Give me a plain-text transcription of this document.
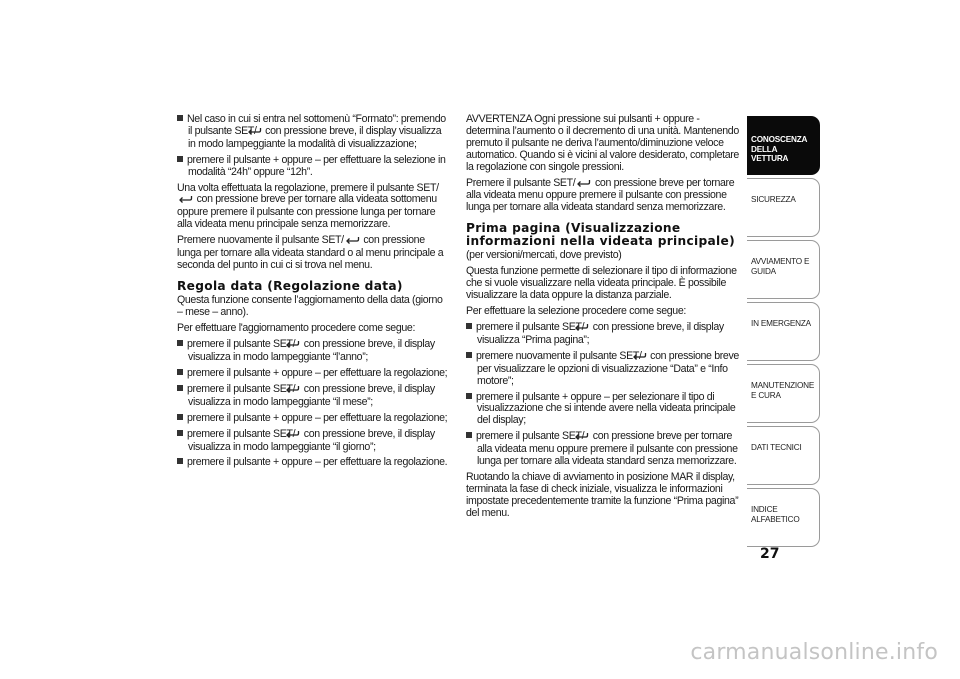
Nel caso in cui si entra nel sottomenù “Formato”: premendo il pulsante SET/ con pressione breve, il display visualizza in modo lampeggiante la modalità di visualizzazione;
premere il pulsante + oppure – per effettuare la selezione in modalità “24h” oppure “12h”.
Una volta effettuata la regolazione, premere il pulsante SET/ con pressione breve per tornare alla videata sottomenu oppure premere il pulsante con pressione lunga per tornare alla videata menu principale senza memorizzare.
Premere nuovamente il pulsante SET/ con pressione lunga per tornare alla videata standard o al menu principale a seconda del punto in cui ci si trova nel menu.
Regola data (Regolazione data)
Questa funzione consente l’aggiornamento della data (giorno – mese – anno).
Per effettuare l'aggiornamento procedere come segue:
premere il pulsante SET/ con pressione breve, il display visualizza in modo lampeggiante “l’anno”;
premere il pulsante + oppure – per effettuare la regolazione;
premere il pulsante SET/ con pressione breve, il display visualizza in modo lampeggiante “il mese”;
premere il pulsante + oppure – per effettuare la regolazione;
premere il pulsante SET/ con pressione breve, il display visualizza in modo lampeggiante “il giorno”;
premere il pulsante + oppure – per effettuare la regolazione.
AVVERTENZA Ogni pressione sui pulsanti + oppure - determina l’aumento o il decremento di una unità. Mantenendo premuto il pulsante ne deriva l’aumento/diminuzione veloce automatico. Quando si è vicini al valore desiderato, completare la regolazione con singole pressioni.
Premere il pulsante SET/ con pressione breve per tornare alla videata menu oppure premere il pulsante con pressione lunga per tornare alla videata standard senza memorizzare.
Prima pagina (Visualizzazione informazioni nella videata principale)
(per versioni/mercati, dove previsto)
Questa funzione permette di selezionare il tipo di informazione che si vuole visualizzare nella videata principale. È possibile visualizzare la data oppure la distanza parziale.
Per effettuare la selezione procedere come segue:
premere il pulsante SET/ con pressione breve, il display visualizza “Prima pagina”;
premere nuovamente il pulsante SET/ con pressione breve per visualizzare le opzioni di visualizzazione “Data” e “Info motore”;
premere il pulsante + oppure – per selezionare il tipo di visualizzazione che si intende avere nella videata principale del display;
premere il pulsante SET/ con pressione breve per tornare alla videata menu oppure premere il pulsante con pressione lunga per tornare alla videata standard senza memorizzare.
Ruotando la chiave di avviamento in posizione MAR il display, terminata la fase di check iniziale, visualizza le informazioni impostate precedentemente tramite la funzione “Prima pagina” del menu.
CONOSCENZA DELLA VETTURA
SICUREZZA
AVVIAMENTO E GUIDA
IN EMERGENZA
MANUTENZIONE E CURA
DATI TECNICI
INDICE ALFABETICO
27
carmanualsonline.info
